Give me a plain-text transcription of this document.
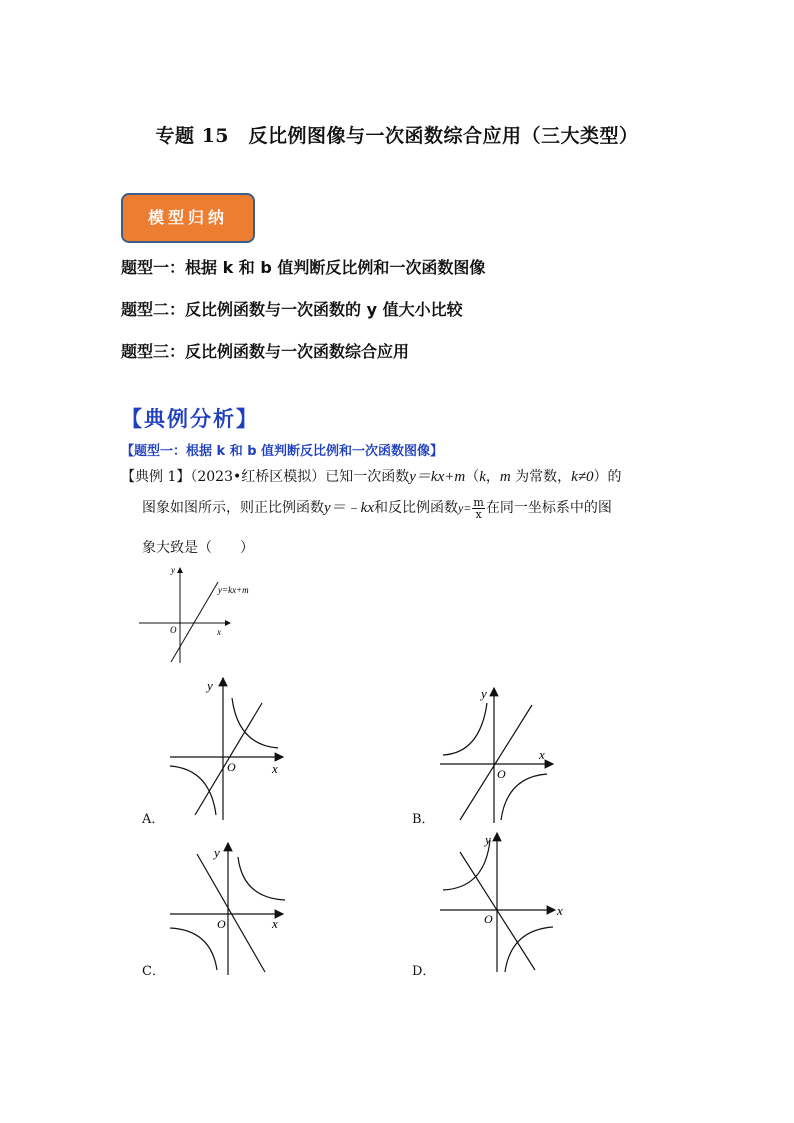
专题 15　反比例图像与一次函数综合应用（三大类型）
模型归纳
题型一：根据 k 和 b 值判断反比例和一次函数图像
题型二：反比例函数与一次函数的 y 值大小比较
题型三：反比例函数与一次函数综合应用
【典例分析】
【题型一：根据 k 和 b 值判断反比例和一次函数图像】
【典例 1】（2023•红桥区模拟）已知一次函数y＝kx+m（k，m 为常数，k≠0）的
图象如图所示，则正比例函数y＝﹣kx和反比例函数$y= \frac{m}{x}$ 在同一坐标系中的图
象大致是（　　）
x
y
O
y=kx+m
x
y
O
A．
x
y
O
B．
x
y
O
C．
x
y
O
D．
